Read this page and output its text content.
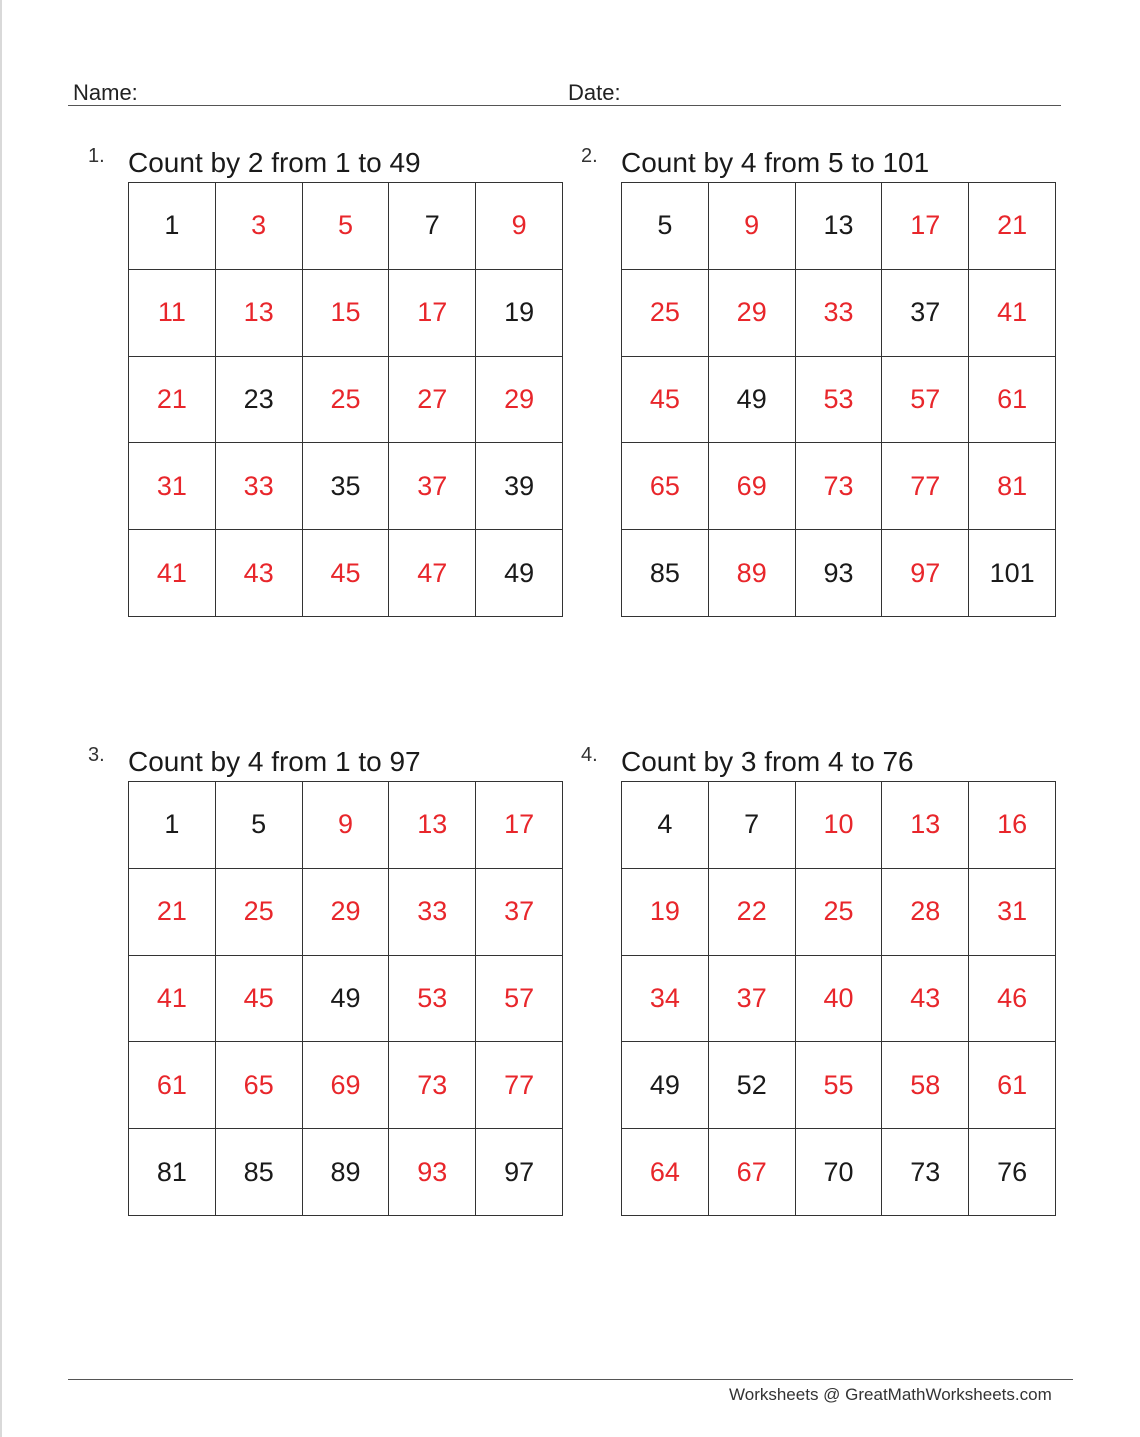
Name:	Date:
1. Count by 2 from 1 to 49
1	3	5	7	9
11	13	15	17	19
21	23	25	27	29
31	33	35	37	39
41	43	45	47	49
2. Count by 4 from 5 to 101
5	9	13	17	21
25	29	33	37	41
45	49	53	57	61
65	69	73	77	81
85	89	93	97	101
3. Count by 4 from 1 to 97
1	5	9	13	17
21	25	29	33	37
41	45	49	53	57
61	65	69	73	77
81	85	89	93	97
4. Count by 3 from 4 to 76
4	7	10	13	16
19	22	25	28	31
34	37	40	43	46
49	52	55	58	61
64	67	70	73	76
Worksheets @ GreatMathWorksheets.com
